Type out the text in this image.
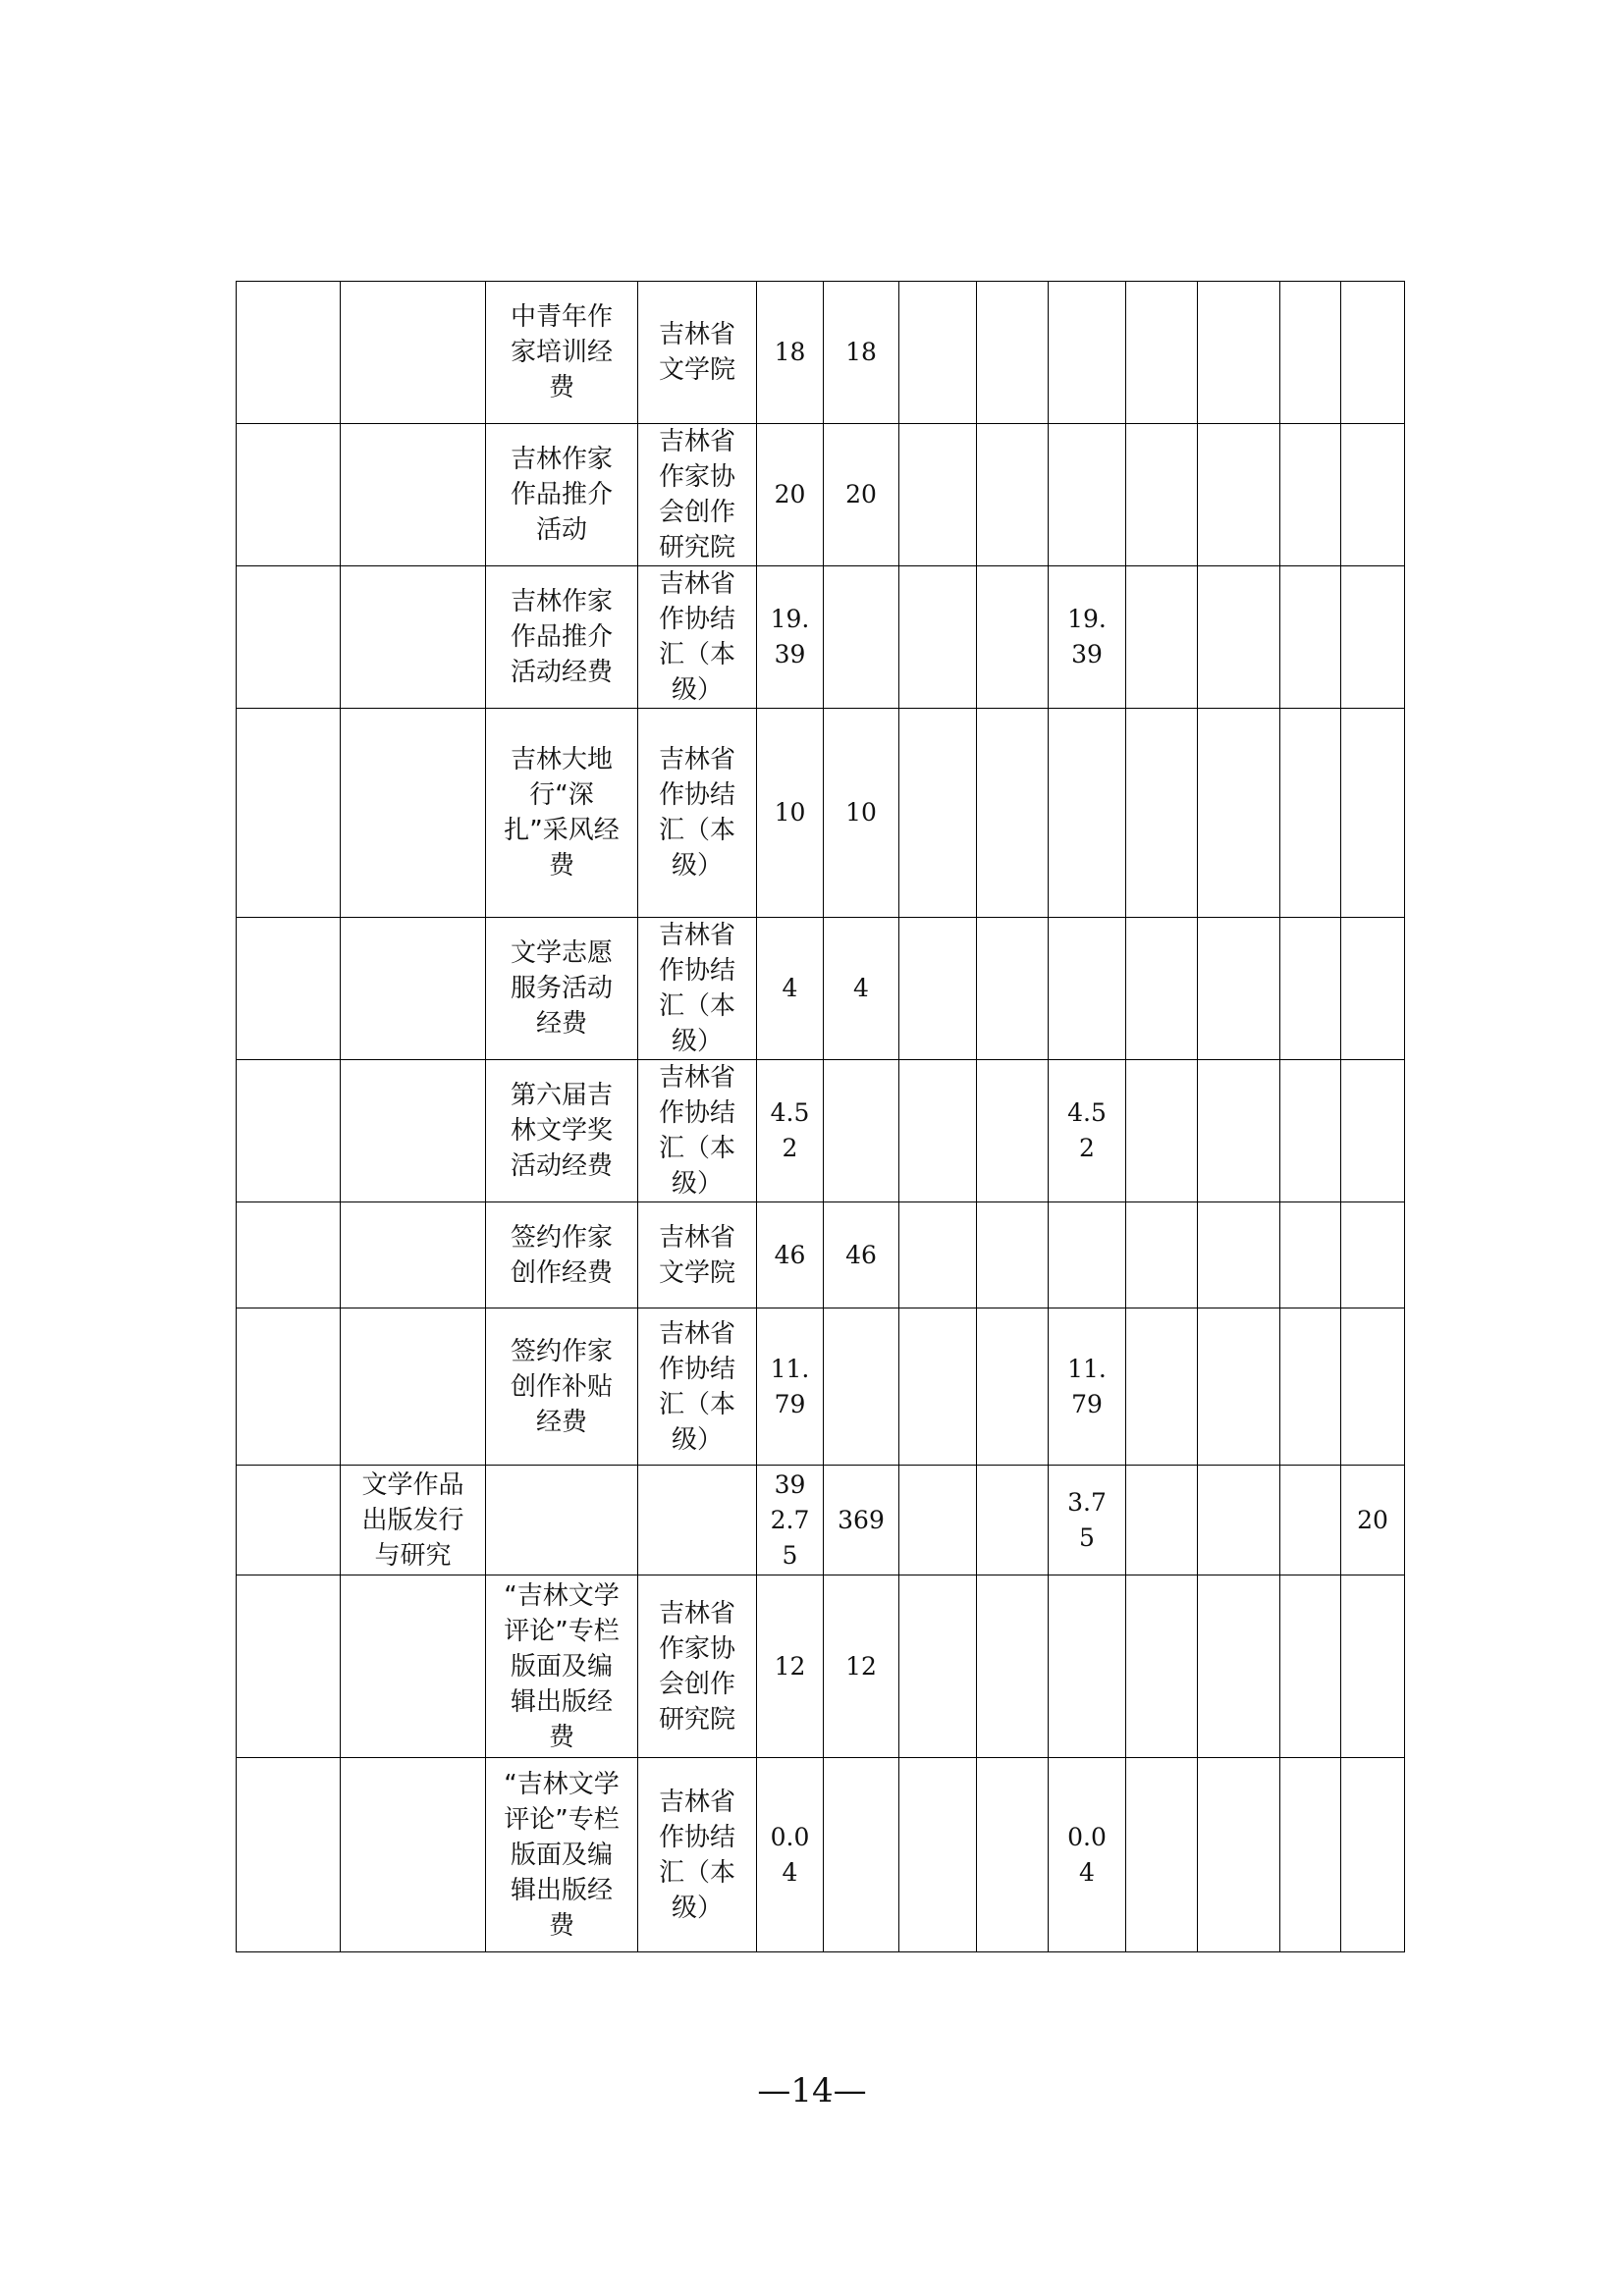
		中青年作家培训经费	吉林省文学院	18	18							
		吉林作家作品推介活动	吉林省作家协会创作研究院	20	20							
		吉林作家作品推介活动经费	吉林省作协结汇（本级）	19.39				19.39				
		吉林大地行“深扎”采风经费	吉林省作协结汇（本级）	10	10							
		文学志愿服务活动经费	吉林省作协结汇（本级）	4	4							
		第六届吉林文学奖活动经费	吉林省作协结汇（本级）	4.52				4.52				
		签约作家创作经费	吉林省文学院	46	46							
		签约作家创作补贴经费	吉林省作协结汇（本级）	11.79				11.79				
	文学作品出版发行与研究			392.75	369			3.75				20
		“吉林文学评论”专栏版面及编辑出版经费	吉林省作家协会创作研究院	12	12							
		“吉林文学评论”专栏版面及编辑出版经费	吉林省作协结汇（本级）	0.04				0.04				
—14—
